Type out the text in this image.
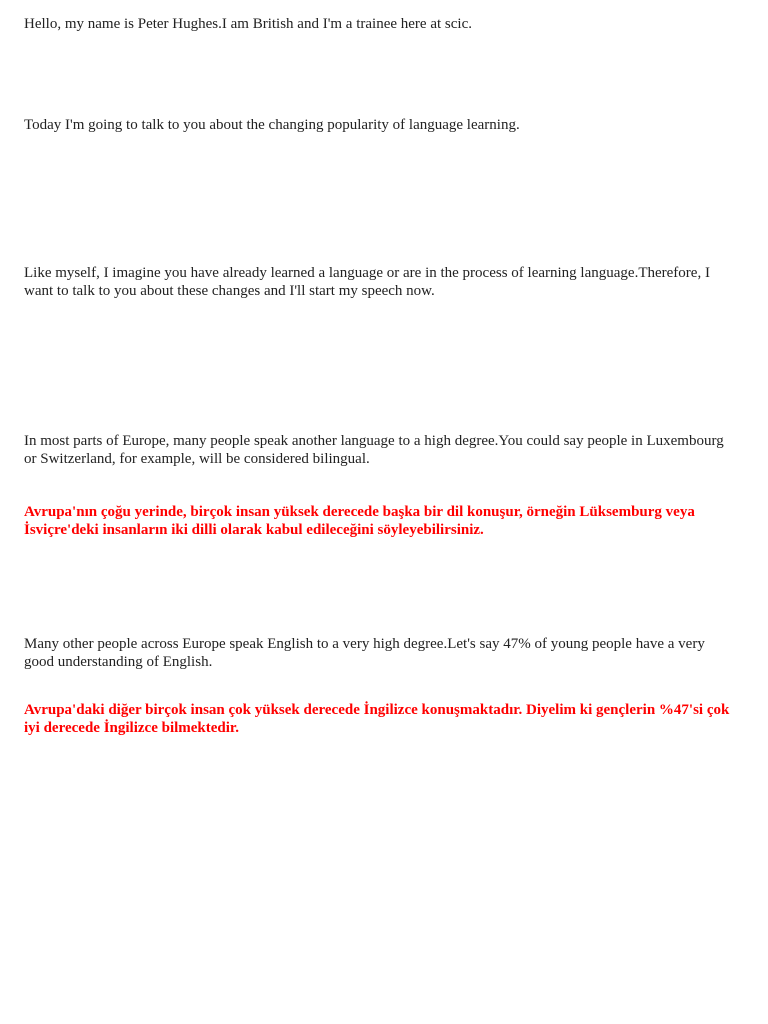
Hello, my name is Peter Hughes.I am British and I'm a trainee here at scic.

Today I'm going to talk to you about the changing popularity of language learning.

Like myself, I imagine you have already learned a language or are in the process of learning language.Therefore, I want to talk to you about these changes and I'll start my speech now.

In most parts of Europe, many people speak another language to a high degree.You could say people in Luxembourg or Switzerland, for example, will be considered bilingual.

Avrupa'nın çoğu yerinde, birçok insan yüksek derecede başka bir dil konuşur, örneğin Lüksemburg veya İsviçre'deki insanların iki dilli olarak kabul edileceğini söyleyebilirsiniz.

Many other people across Europe speak English to a very high degree.Let's say 47% of young people have a very good understanding of English.

Avrupa'daki diğer birçok insan çok yüksek derecede İngilizce konuşmaktadır. Diyelim ki gençlerin %47'si çok iyi derecede İngilizce bilmektedir.
